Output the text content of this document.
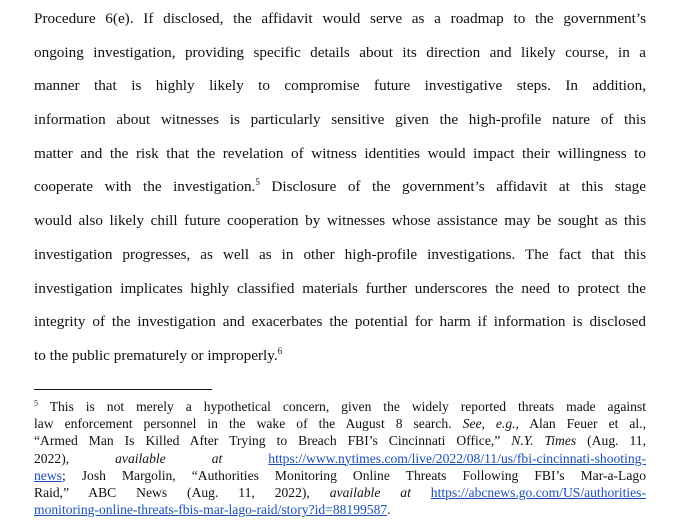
Procedure 6(e). If disclosed, the affidavit would serve as a roadmap to the government’s
ongoing investigation, providing specific details about its direction and likely course, in a
manner that is highly likely to compromise future investigative steps. In addition,
information about witnesses is particularly sensitive given the high-profile nature of this
matter and the risk that the revelation of witness identities would impact their willingness to
cooperate with the investigation.$^5$ Disclosure of the government’s affidavit at this stage
would also likely chill future cooperation by witnesses whose assistance may be sought as this
investigation progresses, as well as in other high-profile investigations. The fact that this
investigation implicates highly classified materials further underscores the need to protect the
integrity of the investigation and exacerbates the potential for harm if information is disclosed
to the public prematurely or improperly.$^6$
$^5$ This is not merely a hypothetical concern, given the widely reported threats made against
law enforcement personnel in the wake of the August 8 search. See, e.g., Alan Feuer et al.,
“Armed Man Is Killed After Trying to Breach FBI’s Cincinnati Office,” N.Y. Times (Aug. 11,
2022),	available at	https://www.nytimes.com/live/2022/08/11/us/fbi-cincinnati-shooting-
news; Josh Margolin, “Authorities Monitoring Online Threats Following FBI’s Mar-a-Lago
Raid,” ABC News (Aug. 11, 2022), available at https://abcnews.go.com/US/authorities-
monitoring-online-threats-fbis-mar-lago-raid/story?id=88199587.
